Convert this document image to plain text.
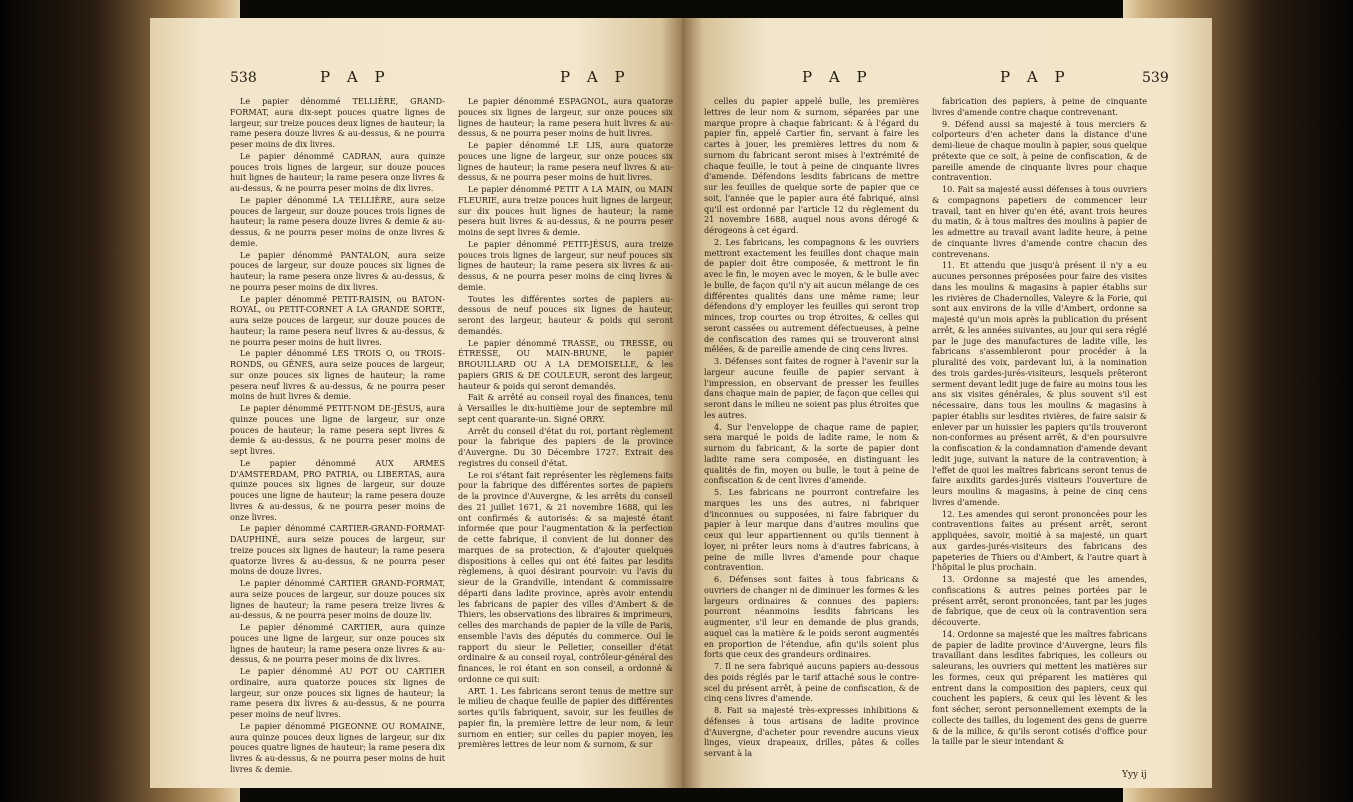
538	P A P	P A P

Le papier dénommé TELLIÈRE, GRAND-FORMAT, aura dix-sept pouces quatre lignes de largeur, sur treize pouces deux lignes de hauteur; la rame pesera douze livres & au-dessus, & ne pourra peser moins de dix livres.

Le papier dénommé CADRAN, aura quinze pouces trois lignes de largeur, sur douze pouces huit lignes de hauteur; la rame pesera onze livres & au-dessus, & ne pourra peser moins de dix livres.

Le papier dénommé LA TELLIÈRE, aura seize pouces de largeur, sur douze pouces trois lignes de hauteur; la rame pesera douze livres & demie & au-dessus, & ne pourra peser moins de onze livres & demie.

Le papier dénommé PANTALON, aura seize pouces de largeur, sur douze pouces six lignes de hauteur; la rame pesera onze livres & au-dessus, & ne pourra peser moins de dix livres.

Le papier dénommé PETIT-RAISIN, ou BATON-ROYAL, ou PETIT-CORNET A LA GRANDE SORTE, aura seize pouces de largeur, sur douze pouces de hauteur; la rame pesera neuf livres & au-dessus, & ne pourra peser moins de huit livres.

Le papier dénommé LES TROIS O, ou TROIS-RONDS, ou GÊNES, aura seize pouces de largeur, sur onze pouces six lignes de hauteur; la rame pesera neuf livres & au-dessus, & ne pourra peser moins de huit livres & demie.

Le papier dénommé PETIT-NOM DE-JÉSUS, aura quinze pouces une ligne de largeur, sur onze pouces de hauteur; la rame pesera sept livres & demie & au-dessus, & ne pourra peser moins de sept livres.

Le papier dénommé AUX ARMES D'AMSTERDAM, PRO PATRIA, ou LIBERTAS, aura quinze pouces six lignes de largeur, sur douze pouces une ligne de hauteur; la rame pesera douze livres & au-dessus, & ne pourra peser moins de onze livres.

Le papier dénommé CARTIER-GRAND-FORMAT-DAUPHINÉ, aura seize pouces de largeur, sur treize pouces six lignes de hauteur; la rame pesera quatorze livres & au-dessus, & ne pourra peser moins de douze livres.

Le papier dénommé CARTIER GRAND-FORMAT, aura seize pouces de largeur, sur douze pouces six lignes de hauteur; la rame pesera treize livres & au-dessus, & ne pourra peser moins de douze liv.

Le papier dénommé CARTIER, aura quinze pouces une ligne de largeur, sur onze pouces six lignes de hauteur; la rame pesera onze livres & au-dessus, & ne pourra peser moins de dix livres.

Le papier dénommé AU POT OU CARTIER ordinaire, aura quatorze pouces six lignes de largeur, sur onze pouces six lignes de hauteur; la rame pesera dix livres & au-dessus, & ne pourra peser moins de neuf livres.

Le papier dénommé PIGEONNE OU ROMAINE, aura quinze pouces deux lignes de largeur, sur dix pouces quatre lignes de hauteur; la rame pesera dix livres & au-dessus, & ne pourra peser moins de huit livres & demie.

Le papier dénommé ESPAGNOL, aura quatorze pouces six lignes de largeur, sur onze pouces six lignes de hauteur; la rame pesera huit livres & au-dessus, & ne pourra peser moins de huit livres.

Le papier dénommé LE LIS, aura quatorze pouces une ligne de largeur, sur onze pouces six lignes de hauteur; la rame pesera neuf livres & au-dessus, & ne pourra peser moins de huit livres.

Le papier dénommé PETIT A LA MAIN, ou MAIN FLEURIE, aura treize pouces huit lignes de largeur, sur dix pouces huit lignes de hauteur; la rame pesera huit livres & au-dessus, & ne pourra peser moins de sept livres & demie.

Le papier dénommé PETIT-JÉSUS, aura treize pouces trois lignes de largeur, sur neuf pouces six lignes de hauteur; la rame pesera six livres & au-dessus, & ne pourra peser moins de cinq livres & demie.

Toutes les différentes sortes de papiers au-dessous de neuf pouces six lignes de hauteur, seront des largeur, hauteur & poids qui seront demandés.

Le papier dénommé TRASSE, ou TRESSE, ou ÉTRESSE, OU MAIN-BRUNE, le papier BROUILLARD OU A LA DEMOISELLE, & les papiers GRIS & DE COULEUR, seront des largeur, hauteur & poids qui seront demandés.

Fait & arrêté au conseil royal des finances, tenu à Versailles le dix-huitième jour de septembre mil sept cent quarante-un. Signé ORRY.

Arrêt du conseil d'état du roi, portant règlement pour la fabrique des papiers de la province d'Auvergne. Du 30 Décembre 1727. Extrait des registres du conseil d'état.

Le roi s'étant fait représenter les règlemens faits pour la fabrique des différentes sortes de papiers de la province d'Auvergne, & les arrêts du conseil des 21 juillet 1671, & 21 novembre 1688, qui les ont confirmés & autorisés: & sa majesté étant informée que pour l'augmentation & la perfection de cette fabrique, il convient de lui donner des marques de sa protection, & d'ajouter quelques dispositions à celles qui ont été faites par lesdits règlemens, à quoi désirant pourvoir: vu l'avis du sieur de la Grandville, intendant & commissaire départi dans ladite province, après avoir entendu les fabricans de papier des villes d'Ambert & de Thiers, les observations des libraires & imprimeurs, celles des marchands de papier de la ville de Paris, ensemble l'avis des députés du commerce. Ouï le rapport du sieur le Pelletier, conseiller d'état ordinaire & au conseil royal, contrôleur-général des finances, le roi étant en son conseil, a ordonné & ordonne ce qui suit:

ART. 1. Les fabricans seront tenus de mettre sur le milieu de chaque feuille de papier des différentes sortes qu'ils fabriquent, savoir, sur les feuilles de papier fin, la première lettre de leur nom, & leur surnom en entier; sur celles du papier moyen, les premières lettres de leur nom & surnom, & sur

P A P	P A P	539

celles du papier appelé bulle, les premières lettres de leur nom & surnom, séparées par une marque propre à chaque fabricant: & à l'égard du papier fin, appelé Cartier fin, servant à faire les cartes à jouer, les premières lettres du nom & surnom du fabricant seront mises à l'extrémité de chaque feuille, le tout à peine de cinquante livres d'amende. Défendons lesdits fabricans de mettre sur les feuilles de quelque sorte de papier que ce soit, l'année que le papier aura été fabriqué, ainsi qu'il est ordonné par l'article 12 du règlement du 21 novembre 1688, auquel nous avons dérogé & dérogeons à cet égard.

2. Les fabricans, les compagnons & les ouvriers mettront exactement les feuilles dont chaque main de papier doit être composée, & mettront le fin avec le fin, le moyen avec le moyen, & le bulle avec le bulle, de façon qu'il n'y ait aucun mélange de ces différentes qualités dans une même rame; leur défendons d'y employer les feuilles qui seront trop minces, trop courtes ou trop étroites, & celles qui seront cassées ou autrement défectueuses, à peine de confiscation des rames qui se trouveront ainsi mêlées, & de pareille amende de cinq cens livres.

3. Défenses sont faites de rogner à l'avenir sur la largeur aucune feuille de papier servant à l'impression, en observant de presser les feuilles dans chaque main de papier, de façon que celles qui seront dans le milieu ne soient pas plus étroites que les autres.

4. Sur l'enveloppe de chaque rame de papier, sera marqué le poids de ladite rame, le nom & surnom du fabricant, & la sorte de papier dont ladite rame sera composée, en distinguant les qualités de fin, moyen ou bulle, le tout à peine de confiscation & de cent livres d'amende.

5. Les fabricans ne pourront contrefaire les marques les uns des autres, ni fabriquer d'inconnues ou supposées, ni faire fabriquer du papier à leur marque dans d'autres moulins que ceux qui leur appartiennent ou qu'ils tiennent à loyer, ni prêter leurs noms à d'autres fabricans, à peine de mille livres d'amende pour chaque contravention.

6. Défenses sont faites à tous fabricans & ouvriers de changer ni de diminuer les formes & les largeurs ordinaires & connues des papiers: pourront néanmoins lesdits fabricans les augmenter, s'il leur en demande de plus grands, auquel cas la matière & le poids seront augmentés en proportion de l'étendue, afin qu'ils soient plus forts que ceux des grandeurs ordinaires.

7. Il ne sera fabriqué aucuns papiers au-dessous des poids réglés par le tarif attaché sous le contre-scel du présent arrêt, à peine de confiscation, & de cinq cens livres d'amende.

8. Fait sa majesté très-expresses inhibitions & défenses à tous artisans de ladite province d'Auvergne, d'acheter pour revendre aucuns vieux linges, vieux drapeaux, drilles, pâtes & colles servant à la

fabrication des papiers, à peine de cinquante livres d'amende contre chaque contrevenant.

9. Défend aussi sa majesté à tous merciers & colporteurs d'en acheter dans la distance d'une demi-lieue de chaque moulin à papier, sous quelque prétexte que ce soit, à peine de confiscation, & de pareille amende de cinquante livres pour chaque contravention.

10. Fait sa majesté aussi défenses à tous ouvriers & compagnons papetiers de commencer leur travail, tant en hiver qu'en été, avant trois heures du matin, & à tous maîtres des moulins à papier de les admettre au travail avant ladite heure, à peine de cinquante livres d'amende contre chacun des contrevenans.

11. Et attendu que jusqu'à présent il n'y a eu aucunes personnes préposées pour faire des visites dans les moulins & magasins à papier établis sur les rivières de Chadernolles, Valeyre & la Forie, qui sont aux environs de la ville d'Ambert, ordonne sa majesté qu'un mois après la publication du présent arrêt, & les années suivantes, au jour qui sera réglé par le juge des manufactures de ladite ville, les fabricans s'assembleront pour procéder à la pluralité des voix, pardevant lui, à la nomination des trois gardes-jurés-visiteurs, lesquels prêteront serment devant ledit juge de faire au moins tous les ans six visites générales, & plus souvent s'il est nécessaire, dans tous les moulins & magasins à papier établis sur lesdites rivières, de faire saisir & enlever par un huissier les papiers qu'ils trouveront non-conformes au présent arrêt, & d'en poursuivre la confiscation & la condamnation d'amende devant ledit juge, suivant la nature de la contravention; à l'effet de quoi les maîtres fabricans seront tenus de faire auxdits gardes-jurés visiteurs l'ouverture de leurs moulins & magasins, à peine de cinq cens livres d'amende.

12. Les amendes qui seront prononcées pour les contraventions faites au présent arrêt, seront appliquées, savoir, moitié à sa majesté, un quart aux gardes-jurés-visiteurs des fabricans des papeteries de Thiers ou d'Ambert, & l'autre quart à l'hôpital le plus prochain.

13. Ordonne sa majesté que les amendes, confiscations & autres peines portées par le présent arrêt, seront prononcées, tant par les juges de fabrique, que de ceux où la contravention sera découverte.

14. Ordonne sa majesté que les maîtres fabricans de papier de ladite province d'Auvergne, leurs fils travaillant dans lesdites fabriques, les colleurs ou saleurans, les ouvriers qui mettent les matières sur les formes, ceux qui préparent les matières qui entrent dans la composition des papiers, ceux qui couchent les papiers, & ceux qui les lèvent & les font sécher, seront personnellement exempts de la collecte des tailles, du logement des gens de guerre & de la milice, & qu'ils seront cotisés d'office pour la taille par le sieur intendant &

Yyy ij
